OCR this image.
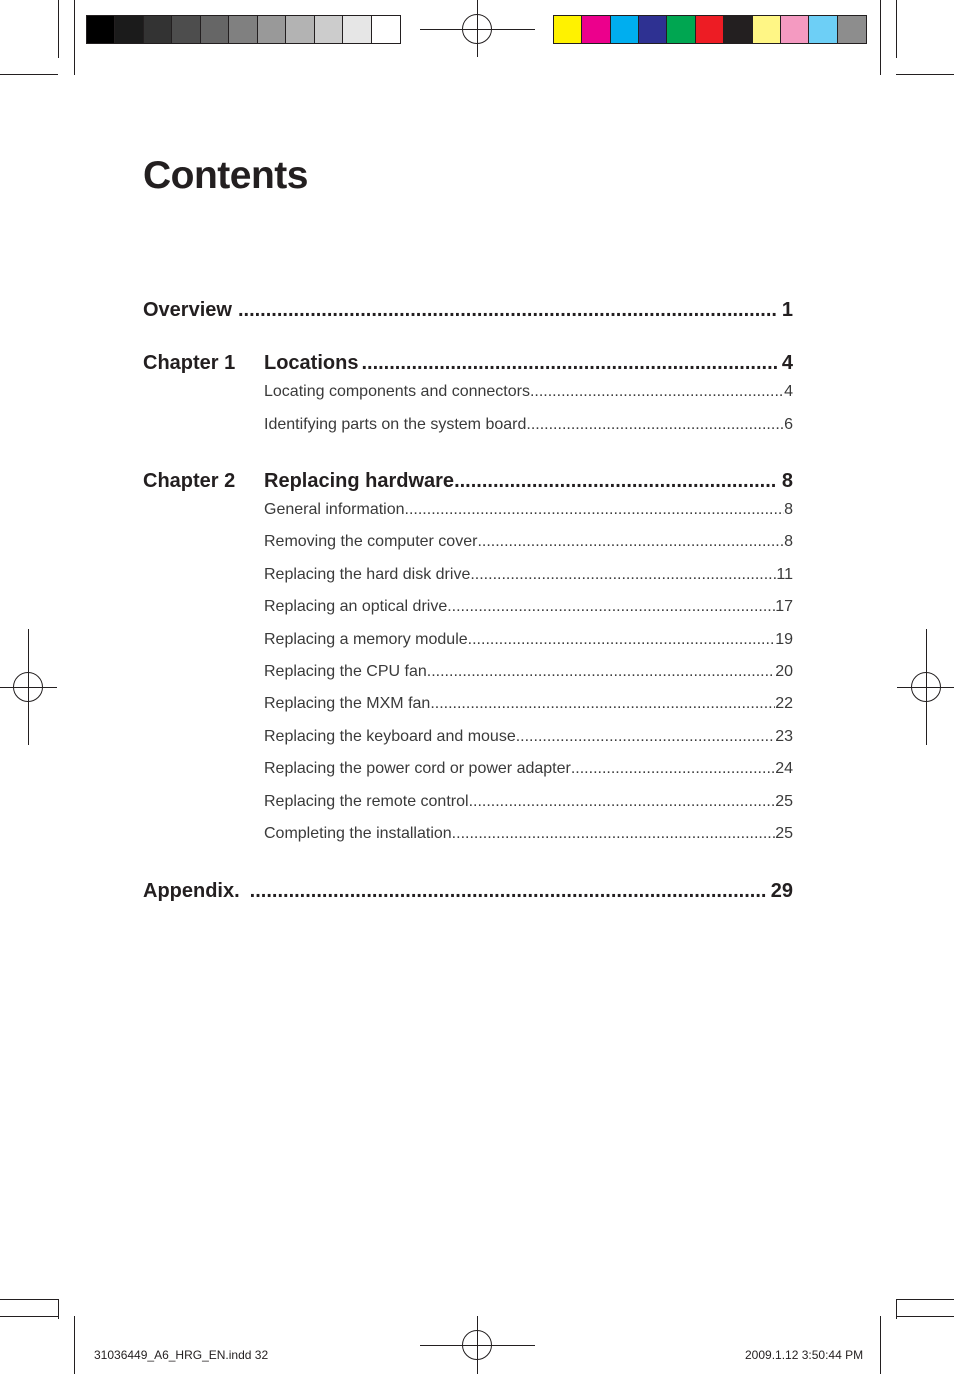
Contents
Overview .....	1
Chapter 1 Locations .....	4
Locating components and connectors .....	4
Identifying parts on the system board .....	6
Chapter 2 Replacing hardware .....	8
General information .....	8
Removing the computer cover .....	8
Replacing the hard disk drive .....	11
Replacing an optical drive .....	17
Replacing a memory module .....	19
Replacing the CPU fan .....	20
Replacing the MXM fan .....	22
Replacing the keyboard and mouse .....	23
Replacing the power cord or power adapter .....	24
Replacing the remote control .....	25
Completing the installation .....	25
Appendix. .....	29
31036449_A6_HRG_EN.indd 32	2009.1.12 3:50:44 PM
